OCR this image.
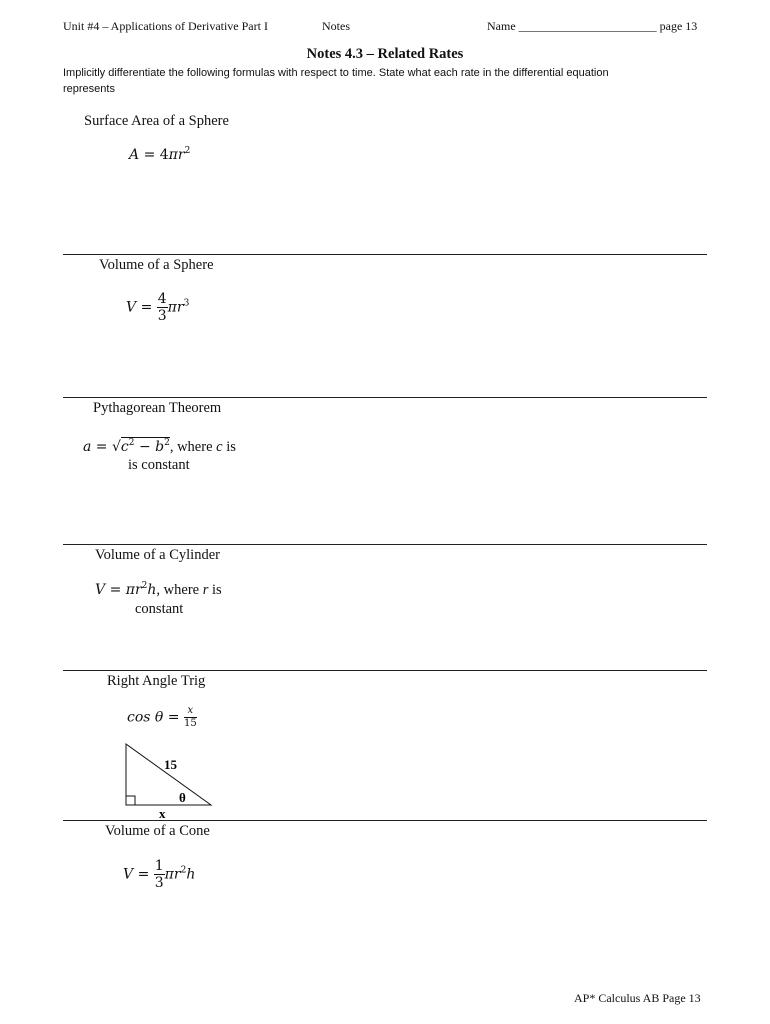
Unit #4 – Applications of Derivative Part I	Notes	Name _______________________ page 13
Notes 4.3 – Related Rates
Implicitly differentiate the following formulas with respect to time. State what each rate in the differential equation
represents
Surface Area of a Sphere
$A = 4\pi r^2$
Volume of a Sphere
$V = \frac{4}{3} \pi r^3$
Pythagorean Theorem
$a = √c^2 - b^2$, where c is
is constant
Volume of a Cylinder
$V = \pi r^2h$, where r is
constant
Right Angle Trig
$\cos \theta = \frac{x}{15}$
15
θ
x
Volume of a Cone
$V = \frac{1}{3} \pi r^2h$
AP* Calculus AB Page 13
